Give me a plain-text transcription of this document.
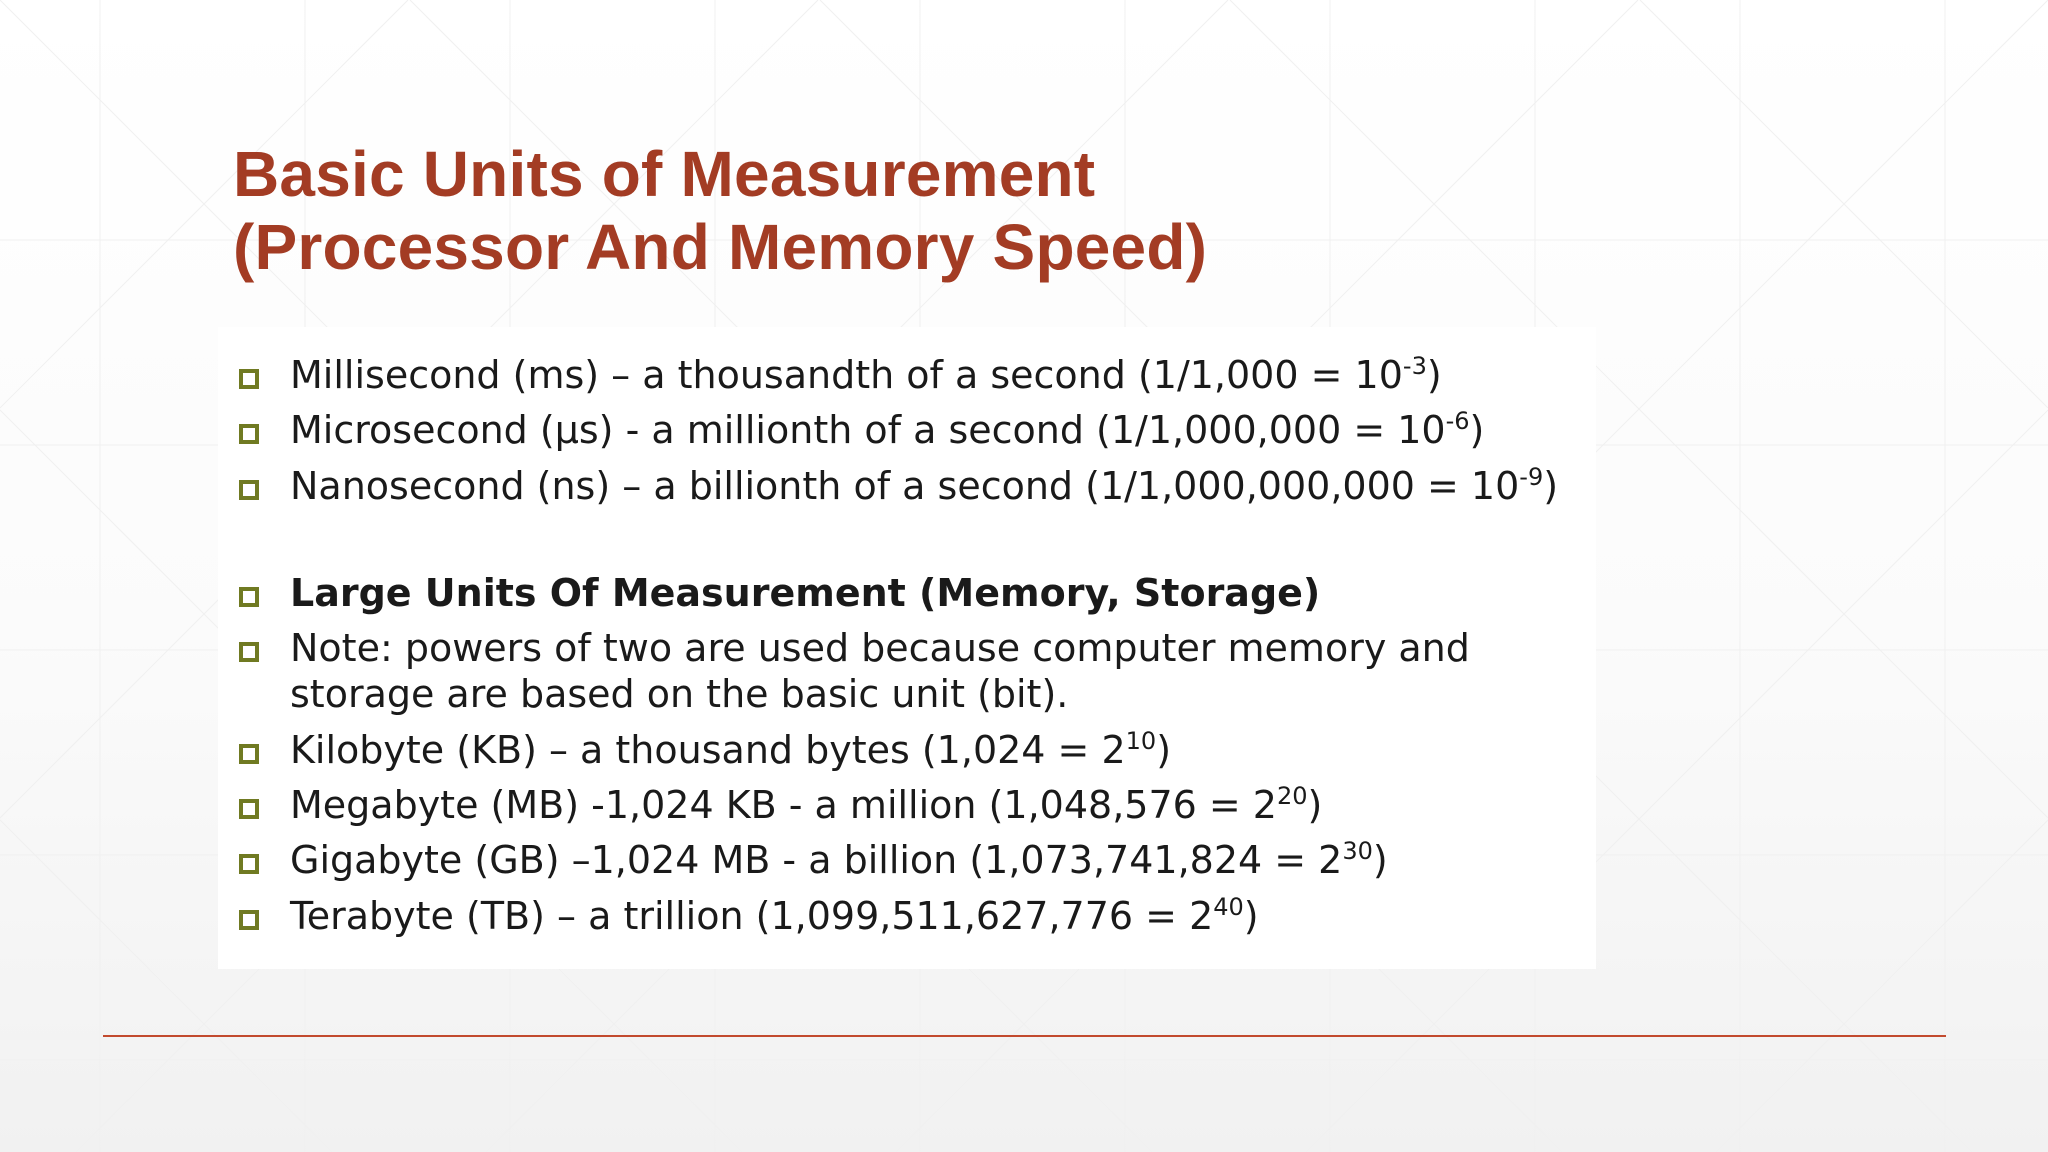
Basic Units of Measurement
(Processor And Memory Speed)
Millisecond (ms) – a thousandth of a second $(1/1,000 = 10^{-3})$
Microsecond (μs) - a millionth of a second $(1/1,000,000 = 10^{-6})$
Nanosecond (ns) – a billionth of a second $(1/1,000,000,000 = 10^{-9})$
Large Units Of Measurement (Memory, Storage)
Note: powers of two are used because computer memory and storage are based on the basic unit (bit).
Kilobyte (KB) – a thousand bytes $(1,024 = 2^{10})$
Megabyte (MB) -1,024 KB - a million $(1,048,576 = 2^{20})$
Gigabyte (GB) –1,024 MB - a billion $(1,073,741,824 = 2^{30})$
Terabyte (TB) – a trillion $(1,099,511,627,776 = 2^{40})$
